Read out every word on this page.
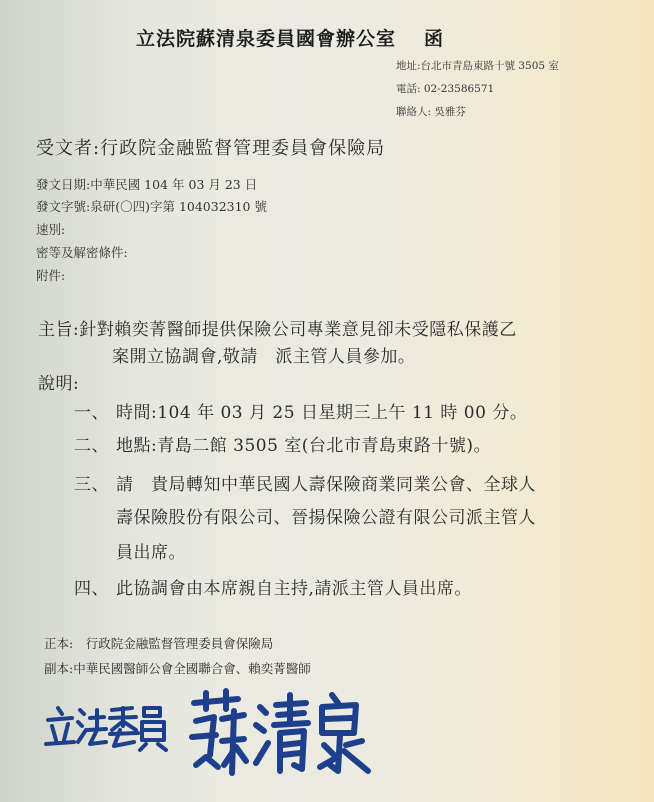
立法院蘇清泉委員國會辦公室 函
地址:台北市青島東路十號 3505 室
電話: 02-23586571
聯絡人: 吳雅芬
受文者:行政院金融監督管理委員會保險局
發文日期:中華民國 104 年 03 月 23 日
發文字號:泉研(〇四)字第 104032310 號
速別:
密等及解密條件:
附件:
主旨:針對賴奕菁醫師提供保險公司專業意見卻未受隱私保護乙
案開立協調會,敬請　派主管人員參加。
說明:
一、 時間:104 年 03 月 25 日星期三上午 11 時 00 分。
二、 地點:青島二館 3505 室(台北市青島東路十號)。
三、 請　貴局轉知中華民國人壽保險商業同業公會、全球人
壽保險股份有限公司、晉揚保險公證有限公司派主管人
員出席。
四、 此協調會由本席親自主持,請派主管人員出席。
正本:　行政院金融監督管理委員會保險局
副本:中華民國醫師公會全國聯合會、賴奕菁醫師
